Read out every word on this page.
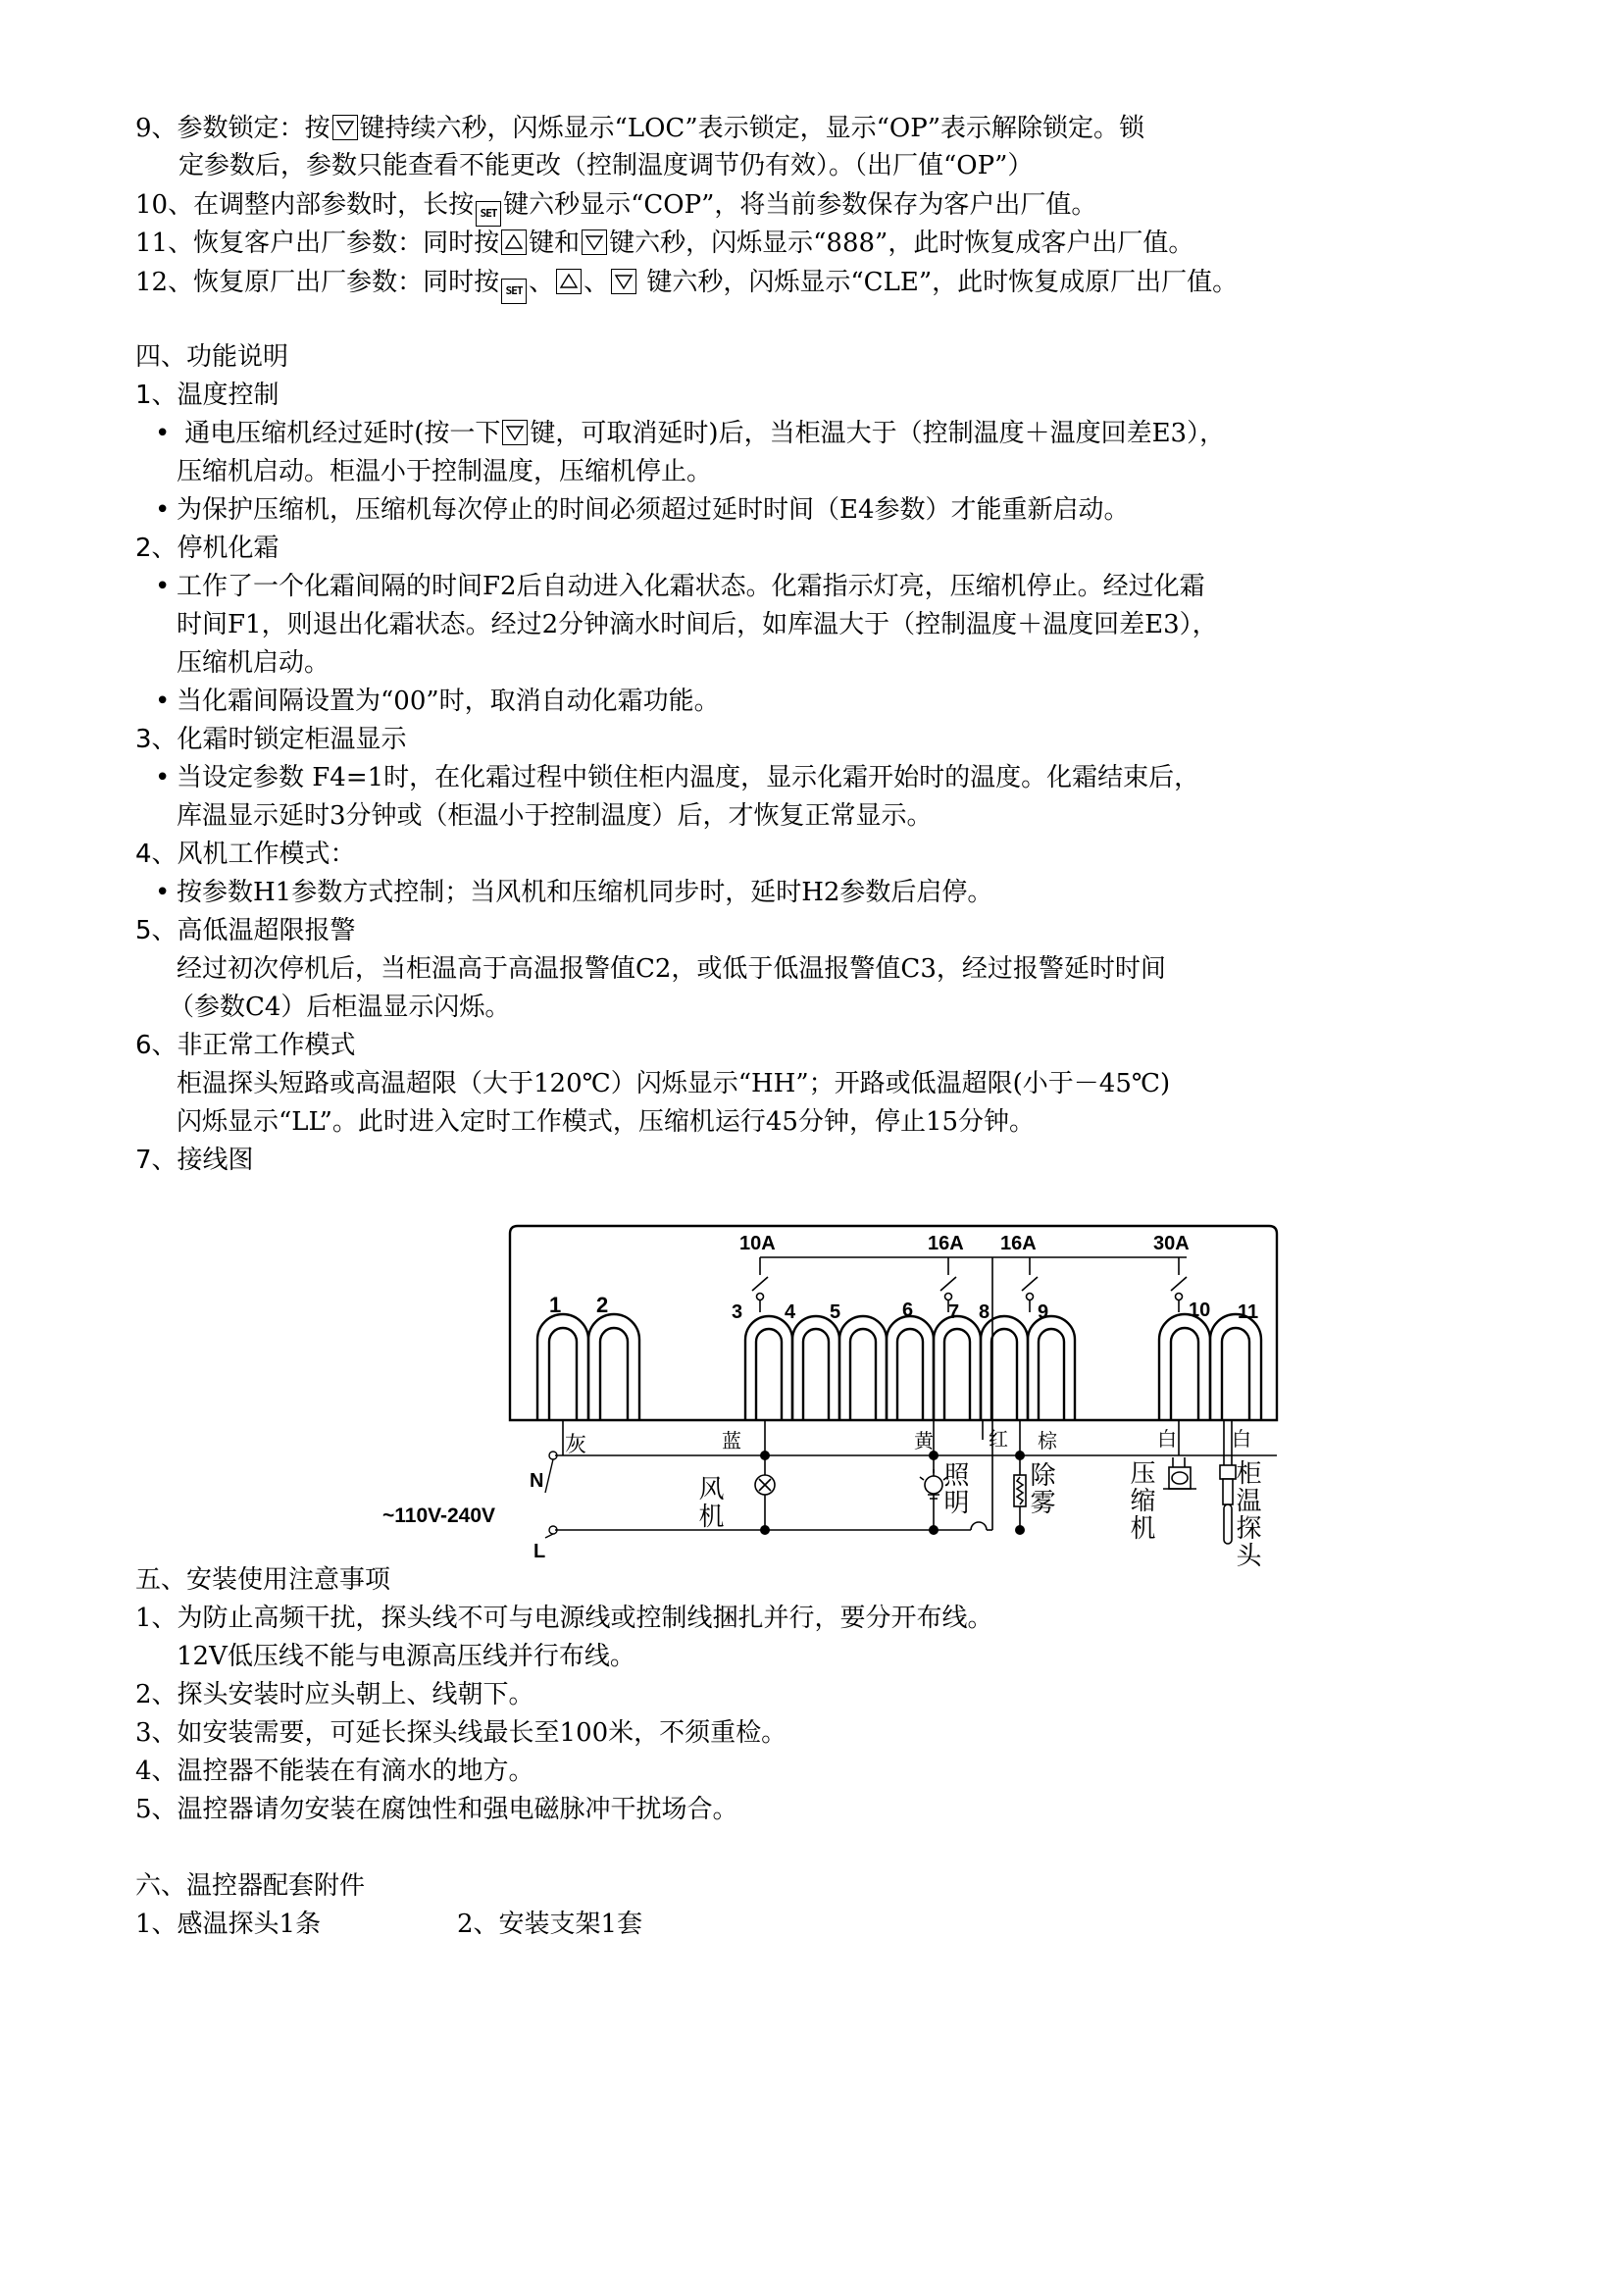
9、参数锁定：按 键持续六秒，闪烁显示“LOC”表示锁定，显示“OP”表示解除锁定。锁
定参数后，参数只能查看不能更改（控制温度调节仍有效）。（出厂值“OP”）
10、在调整内部参数时，长按 SET 键六秒显示“COP”，将当前参数保存为客户出厂值。
11、恢复客户出厂参数：同时按 键和 键六秒，闪烁显示“888”，此时恢复成客户出厂值。
12、恢复原厂出厂参数：同时按 SET 、 、
键六秒，闪烁显示“CLE”，此时恢复成原厂出厂值。
四、功能说明
1、温度控制
• 通电压缩机经过延时(按一下 键，可取消延时)后，当柜温大于（控制温度＋温度回差E3），
压缩机启动。柜温小于控制温度，压缩机停止。
• 为保护压缩机，压缩机每次停止的时间必须超过延时时间（E4参数）才能重新启动。
2、停机化霜
• 工作了一个化霜间隔的时间F2后自动进入化霜状态。化霜指示灯亮，压缩机停止。经过化霜
时间F1，则退出化霜状态。经过2分钟滴水时间后，如库温大于（控制温度＋温度回差E3），
压缩机启动。
• 当化霜间隔设置为“00”时，取消自动化霜功能。
3、化霜时锁定柜温显示
• 当设定参数 F4=1时，在化霜过程中锁住柜内温度，显示化霜开始时的温度。化霜结束后，
库温显示延时3分钟或（柜温小于控制温度）后，才恢复正常显示。
4、风机工作模式：
• 按参数H1参数方式控制；当风机和压缩机同步时，延时H2参数后启停。
5、高低温超限报警
经过初次停机后，当柜温高于高温报警值C2，或低于低温报警值C3，经过报警延时时间
（参数C4）后柜温显示闪烁。
6、非正常工作模式
柜温探头短路或高温超限（大于120℃）闪烁显示“HH”；开路或低温超限(小于－45℃)
闪烁显示“LL”。此时进入定时工作模式，压缩机运行45分钟，停止15分钟。
7、接线图
10A	16A 16A	30A
1 2	3 4 5	6 7 8 9	10 11
灰	蓝	黄	红 棕	白	白
风机	照明 除雾	压缩机	柜温探头
N
~110V-240V
L
五、安装使用注意事项
1、为防止高频干扰，探头线不可与电源线或控制线捆扎并行，要分开布线。
12V低压线不能与电源高压线并行布线。
2、探头安装时应头朝上、线朝下。
3、如安装需要，可延长探头线最长至100米，不须重检。
4、温控器不能装在有滴水的地方。
5、温控器请勿安装在腐蚀性和强电磁脉冲干扰场合。
六、温控器配套附件
1、感温探头1条	2、安装支架1套
